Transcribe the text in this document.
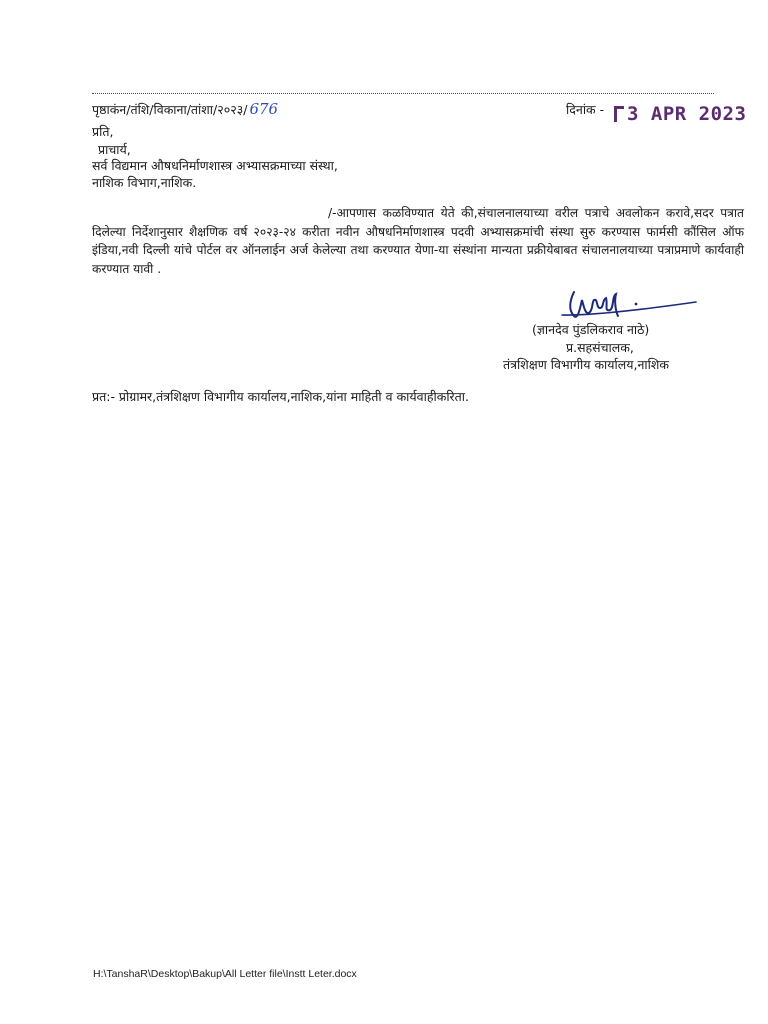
पृष्ठाकंन/तंशि/विकाना/तांशा/२०२३/ 676	दिनांक -	3 APR 2023
प्रति,
प्राचार्य,
सर्व विद्यमान औषधनिर्माणशास्त्र अभ्यासक्रमाच्या संस्था,
नाशिक विभाग,नाशिक.
/-आपणास कळविण्यात येते की,संचालनालयाच्या वरील पत्राचे अवलोकन करावे,सदर पत्रात दिलेल्या निर्देशानुसार शैक्षणिक वर्ष २०२३-२४ करीता नवीन औषधनिर्माणशास्त्र पदवी अभ्यासक्रमांची संस्था सुरु करण्यास फार्मसी कौंसिल ऑफ इंडिया,नवी दिल्ली यांचे पोर्टल वर ऑनलाईन अर्ज केलेल्या तथा करण्यात येणा-या संस्थांना मान्यता प्रक्रीयेबाबत संचालनालयाच्या पत्राप्रमाणे कार्यवाही करण्यात यावी .
(ज्ञानदेव पुंडलिकराव नाठे)
प्र.सहसंचालक,
तंत्रशिक्षण विभागीय कार्यालय,नाशिक
प्रत:- प्रोग्रामर,तंत्रशिक्षण विभागीय कार्यालय,नाशिक,यांना माहिती व कार्यवाहीकरिता.
H:\TanshaR\Desktop\Bakup\All Letter file\Instt Leter.docx
